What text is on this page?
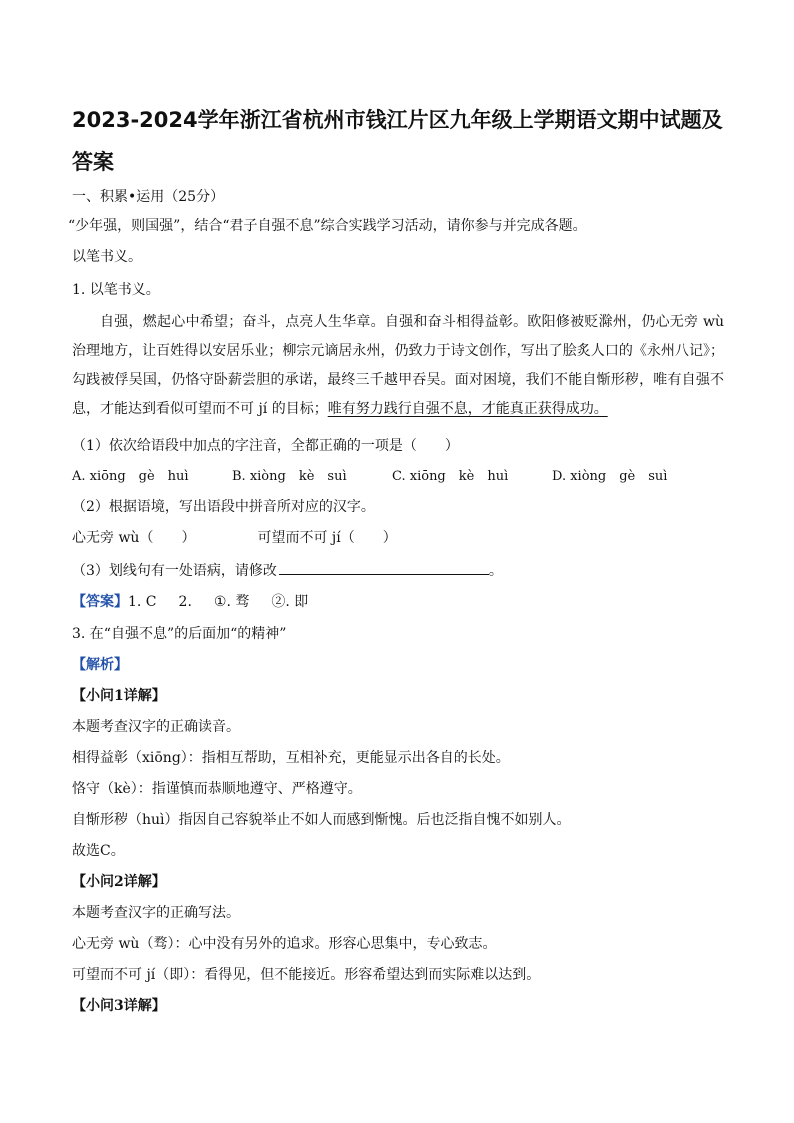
2023-2024学年浙江省杭州市钱江片区九年级上学期语文期中试题及答案
一、积累•运用（25分）
“少年强，则国强”，结合“君子自强不息”综合实践学习活动，请你参与并完成各题。
以笔书义。
1. 以笔书义。

自强，燃起心中希望；奋斗，点亮人生华章。自强和奋斗相得益彰。欧阳修被贬滁州，仍心无旁 wù 治理地方，让百姓得以安居乐业；柳宗元谪居永州，仍致力于诗文创作，写出了脍炙人口的《永州八记》；勾践被俘吴国，仍恪守卧薪尝胆的承诺，最终三千越甲吞吴。面对困境，我们不能自惭形秽，唯有自强不息，才能达到看似可望而不可 jí 的目标；唯有努力践行自强不息，才能真正获得成功。

（1）依次给语段中加点的字注音，全都正确的一项是（　　）
A. xiōng　gè　huì	B. xiòng　kè　suì	C. xiōng　kè　huì	D. xiòng　gè　suì
（2）根据语境，写出语段中拼音所对应的汉字。
心无旁 wù（　　）	可望而不可 jí（　　）
（3）划线句有一处语病，请修改	。
【答案】1. C 2. ①. 骛 ②. 即
3. 在“自强不息”的后面加“的精神”
【解析】
【小问1详解】
本题考查汉字的正确读音。
相得益彰（xiōng）：指相互帮助，互相补充，更能显示出各自的长处。
恪守（kè）：指谨慎而恭顺地遵守、严格遵守。
自惭形秽（huì）指因自己容貌举止不如人而感到惭愧。后也泛指自愧不如别人。
故选C。
【小问2详解】
本题考查汉字的正确写法。
心无旁 wù（骛）：心中没有另外的追求。形容心思集中，专心致志。
可望而不可 jí（即）：看得见，但不能接近。形容希望达到而实际难以达到。
【小问3详解】
